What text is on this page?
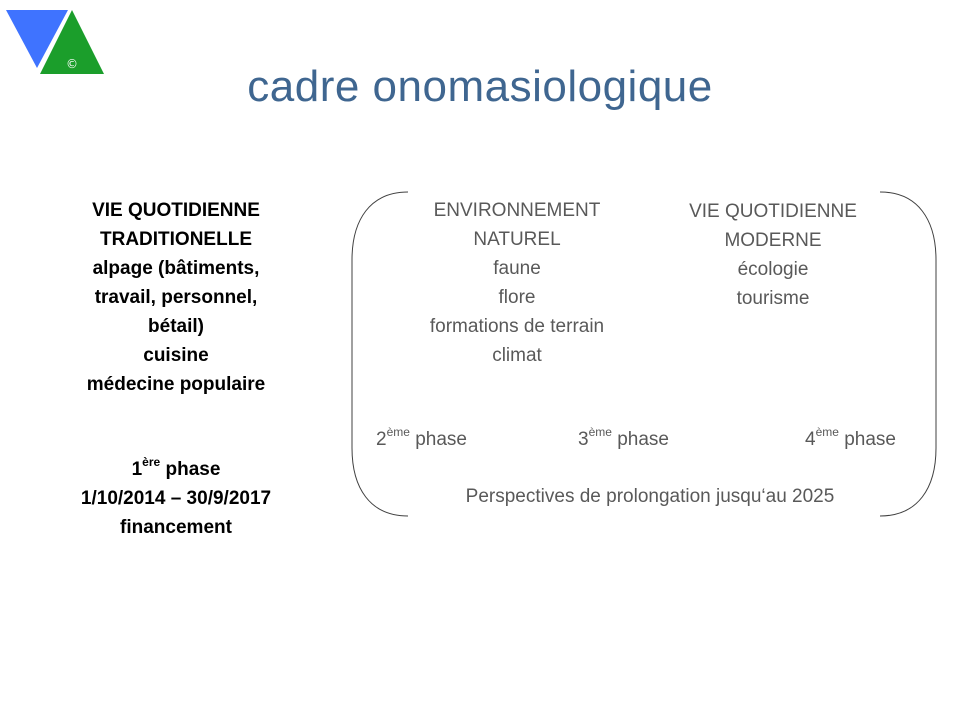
©	cadre onomasiologique
VIE QUOTIDIENNE
TRADITIONELLE
alpage (bâtiments,
travail, personnel,
bétail)
cuisine
médecine populaire
1ère phase
1/10/2014 – 30/9/2017
financement
ENVIRONNEMENT
NATUREL
faune
flore
formations de terrain
climat
VIE QUOTIDIENNE
MODERNE
écologie
tourisme
2ème phase	3ème phase	4ème phase
Perspectives de prolongation jusqu‘au 2025
